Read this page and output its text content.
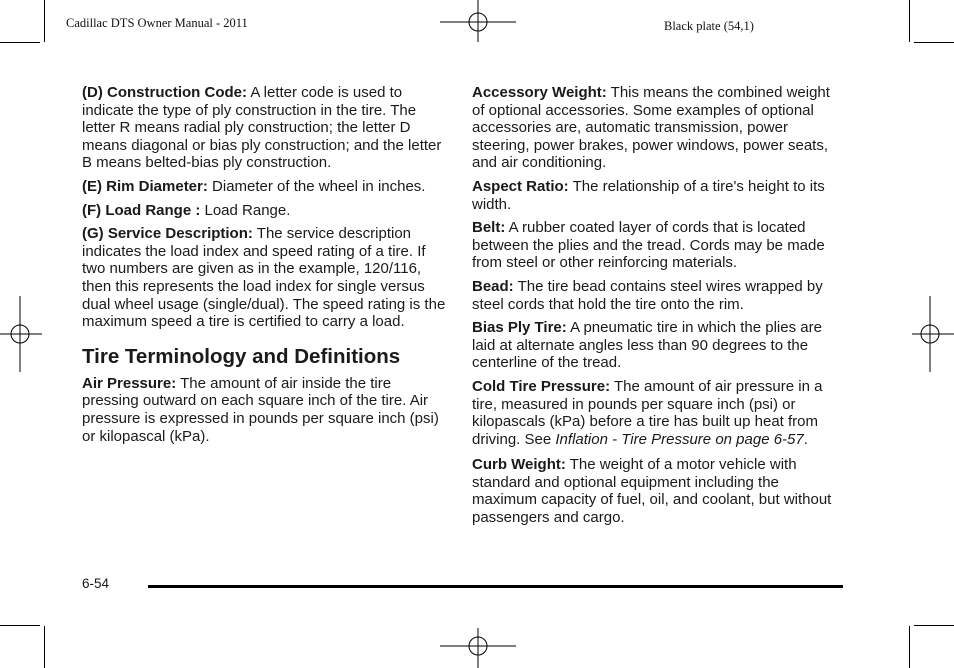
Cadillac DTS Owner Manual - 2011	Black plate (54,1)

(D) Construction Code: A letter code is used to indicate the type of ply construction in the tire. The letter R means radial ply construction; the letter D means diagonal or bias ply construction; and the letter B means belted-bias ply construction.

(E) Rim Diameter: Diameter of the wheel in inches.

(F) Load Range : Load Range.

(G) Service Description: The service description indicates the load index and speed rating of a tire. If two numbers are given as in the example, 120/116, then this represents the load index for single versus dual wheel usage (single/dual). The speed rating is the maximum speed a tire is certified to carry a load.

Tire Terminology and Definitions

Air Pressure: The amount of air inside the tire pressing outward on each square inch of the tire. Air pressure is expressed in pounds per square inch (psi) or kilopascal (kPa).

Accessory Weight: This means the combined weight of optional accessories. Some examples of optional accessories are, automatic transmission, power steering, power brakes, power windows, power seats, and air conditioning.

Aspect Ratio: The relationship of a tire's height to its width.

Belt: A rubber coated layer of cords that is located between the plies and the tread. Cords may be made from steel or other reinforcing materials.

Bead: The tire bead contains steel wires wrapped by steel cords that hold the tire onto the rim.

Bias Ply Tire: A pneumatic tire in which the plies are laid at alternate angles less than 90 degrees to the centerline of the tread.

Cold Tire Pressure: The amount of air pressure in a tire, measured in pounds per square inch (psi) or kilopascals (kPa) before a tire has built up heat from driving. See Inflation - Tire Pressure on page 6-57.

Curb Weight: The weight of a motor vehicle with standard and optional equipment including the maximum capacity of fuel, oil, and coolant, but without passengers and cargo.

6-54
